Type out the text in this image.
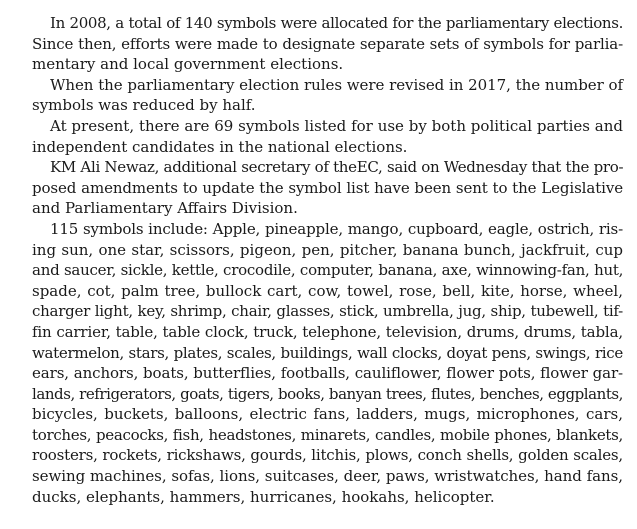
In 2008, a total of 140 symbols were allocated for the parliamentary elections.
Since then, efforts were made to designate separate sets of symbols for parlia-
mentary and local government elections.
When the parliamentary election rules were revised in 2017, the number of
symbols was reduced by half.
At present, there are 69 symbols listed for use by both political parties and
independent candidates in the national elections.
KM Ali Newaz, additional secretary of theEC, said on Wednesday that the pro-
posed amendments to update the symbol list have been sent to the Legislative
and Parliamentary Affairs Division.
115 symbols include: Apple, pineapple, mango, cupboard, eagle, ostrich, ris-
ing sun, one star, scissors, pigeon, pen, pitcher, banana bunch, jackfruit, cup
and saucer, sickle, kettle, crocodile, computer, banana, axe, winnowing-fan, hut,
spade, cot, palm tree, bullock cart, cow, towel, rose, bell, kite, horse, wheel,
charger light, key, shrimp, chair, glasses, stick, umbrella, jug, ship, tubewell, tif-
fin carrier, table, table clock, truck, telephone, television, drums, drums, tabla,
watermelon, stars, plates, scales, buildings, wall clocks, doyat pens, swings, rice
ears, anchors, boats, butterflies, footballs, cauliflower, flower pots, flower gar-
lands, refrigerators, goats, tigers, books, banyan trees, flutes, benches, eggplants,
bicycles, buckets, balloons, electric fans, ladders, mugs, microphones, cars,
torches, peacocks, fish, headstones, minarets, candles, mobile phones, blankets,
roosters, rockets, rickshaws, gourds, litchis, plows, conch shells, golden scales,
sewing machines, sofas, lions, suitcases, deer, paws, wristwatches, hand fans,
ducks, elephants, hammers, hurricanes, hookahs, helicopter.
